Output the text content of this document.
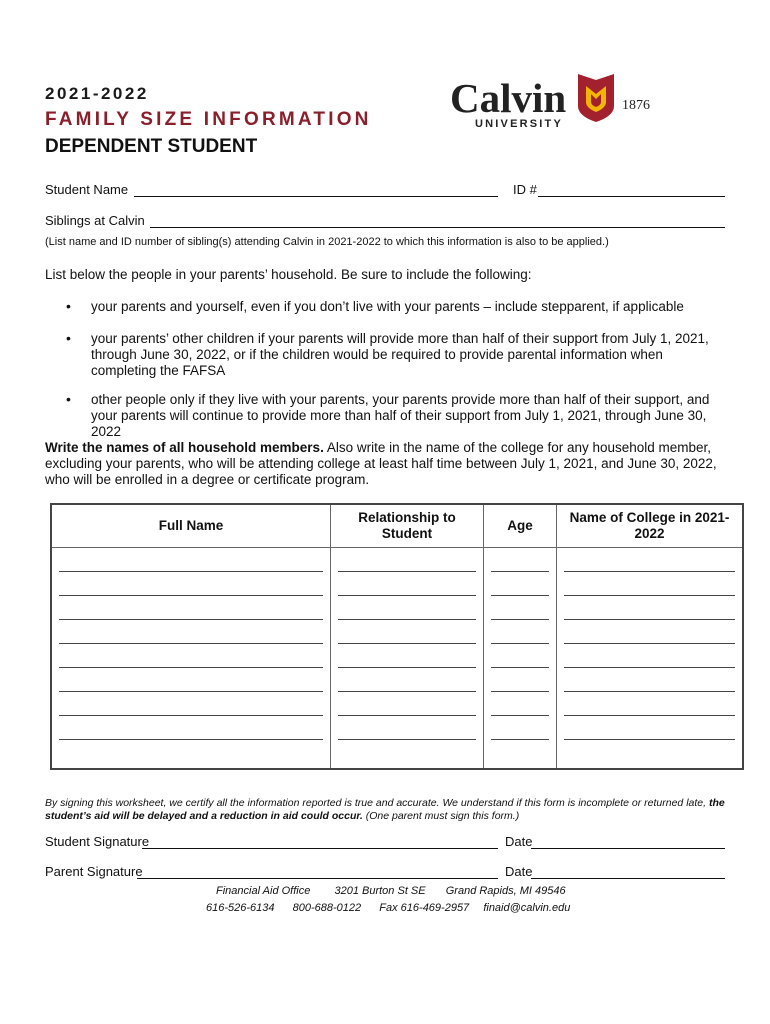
2021-2022
FAMILY SIZE INFORMATION
DEPENDENT STUDENT
Calvin
UNIVERSITY
1876
Student Name	ID #
Siblings at Calvin
(List name and ID number of sibling(s) attending Calvin in 2021-2022 to which this information is also to be applied.)
List below the people in your parents’ household. Be sure to include the following:
• your parents and yourself, even if you don’t live with your parents – include stepparent, if applicable
• your parents’ other children if your parents will provide more than half of their support from July 1, 2021, through June 30, 2022, or if the children would be required to provide parental information when completing the FAFSA
• other people only if they live with your parents, your parents provide more than half of their support, and your parents will continue to provide more than half of their support from July 1, 2021, through June 30, 2022
Write the names of all household members. Also write in the name of the college for any household member, excluding your parents, who will be attending college at least half time between July 1, 2021, and June 30, 2022, who will be enrolled in a degree or certificate program.
Full Name	Relationship to Student	Age	Name of College in 2021-2022

By signing this worksheet, we certify all the information reported is true and accurate. We understand if this form is incomplete or returned late, the student’s aid will be delayed and a reduction in aid could occur. (One parent must sign this form.)
Student Signature	Date
Parent Signature	Date
Financial Aid Office 3201 Burton St SE Grand Rapids, MI 49546
616-526-6134 800-688-0122 Fax 616-469-2957 finaid@calvin.edu
